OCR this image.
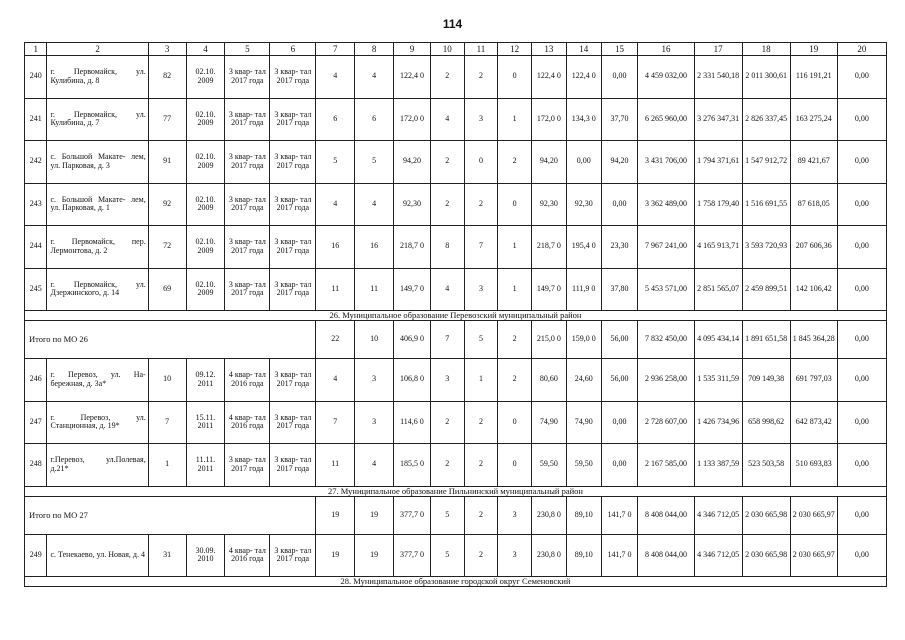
114
1	2	3	4	5	6	7	8	9	10	11	12	13	14	15	16	17	18	19	20
240	г. Первомайск, ул. Кулибина, д. 8	82	02.10. 2009	3 квар- тал 2017 года	3 квар- тал 2017 года	4	4	122,4 0	2	2	0	122,4 0	122,4 0	0,00	4 459 032,00	2 331 540,18	2 011 300,61	116 191,21	0,00
241	г. Первомайск, ул. Кулибина, д. 7	77	02.10. 2009	3 квар- тал 2017 года	3 квар- тал 2017 года	6	6	172,0 0	4	3	1	172,0 0	134,3 0	37,70	6 265 960,00	3 276 347,31	2 826 337,45	163 275,24	0,00
242	с. Большой Макате- лем, ул. Парковая, д. 3	91	02.10. 2009	3 квар- тал 2017 года	3 квар- тал 2017 года	5	5	94,20	2	0	2	94,20	0,00	94,20	3 431 706,00	1 794 371,61	1 547 912,72	89 421,67	0,00
243	с. Большой Макате- лем, ул. Парковая, д. 1	92	02.10. 2009	3 квар- тал 2017 года	3 квар- тал 2017 года	4	4	92,30	2	2	0	92,30	92,30	0,00	3 362 489,00	1 758 179,40	1 516 691,55	87 618,05	0,00
244	г. Первомайск, пер. Лермонтова, д. 2	72	02.10. 2009	3 квар- тал 2017 года	3 квар- тал 2017 года	16	16	218,7 0	8	7	1	218,7 0	195,4 0	23,30	7 967 241,00	4 165 913,71	3 593 720,93	207 606,36	0,00
245	г. Первомайск, ул. Дзержинского, д. 14	69	02.10. 2009	3 квар- тал 2017 года	3 квар- тал 2017 года	11	11	149,7 0	4	3	1	149,7 0	111,9 0	37,80	5 453 571,00	2 851 565,07	2 459 899,51	142 106,42	0,00
26. Муниципальное образование Перевозский муниципальный район																			
Итого по МО 26						22	10	406,9 0	7	5	2	215,0 0	159,0 0	56,00	7 832 450,00	4 095 434,14	1 891 651,58	1 845 364,28	0,00
246	г. Перевоз, ул. На- бережная, д. 3а*	10	09.12. 2011	4 квар- тал 2016 года	3 квар- тал 2017 года	4	3	106,8 0	3	1	2	80,60	24,60	56,00	2 936 258,00	1 535 311,59	709 149,38	691 797,03	0,00
247	г. Перевоз, ул. Станционная, д. 19*	7	15.11. 2011	4 квар- тал 2016 года	3 квар- тал 2017 года	7	3	114,6 0	2	2	0	74,90	74,90	0,00	2 728 607,00	1 426 734,96	658 998,62	642 873,42	0,00
248	г.Перевоз, ул.Полевая, д.21*	1	11.11. 2011	3 квар- тал 2017 года	3 квар- тал 2017 года	11	4	185,5 0	2	2	0	59,50	59,50	0,00	2 167 585,00	1 133 387,59	523 503,58	510 693,83	0,00
27. Муниципальное образование Пильнинский муниципальный район																			
Итого по МО 27						19	19	377,7 0	5	2	3	230,8 0	89,10	141,7 0	8 408 044,00	4 346 712,05	2 030 665,98	2 030 665,97	0,00
249	с. Тенекаево, ул. Новая, д. 4	31	30.09. 2010	4 квар- тал 2016 года	3 квар- тал 2017 года	19	19	377,7 0	5	2	3	230,8 0	89,10	141,7 0	8 408 044,00	4 346 712,05	2 030 665,98	2 030 665,97	0,00
28. Муниципальное образование городской округ Семеновский																			
